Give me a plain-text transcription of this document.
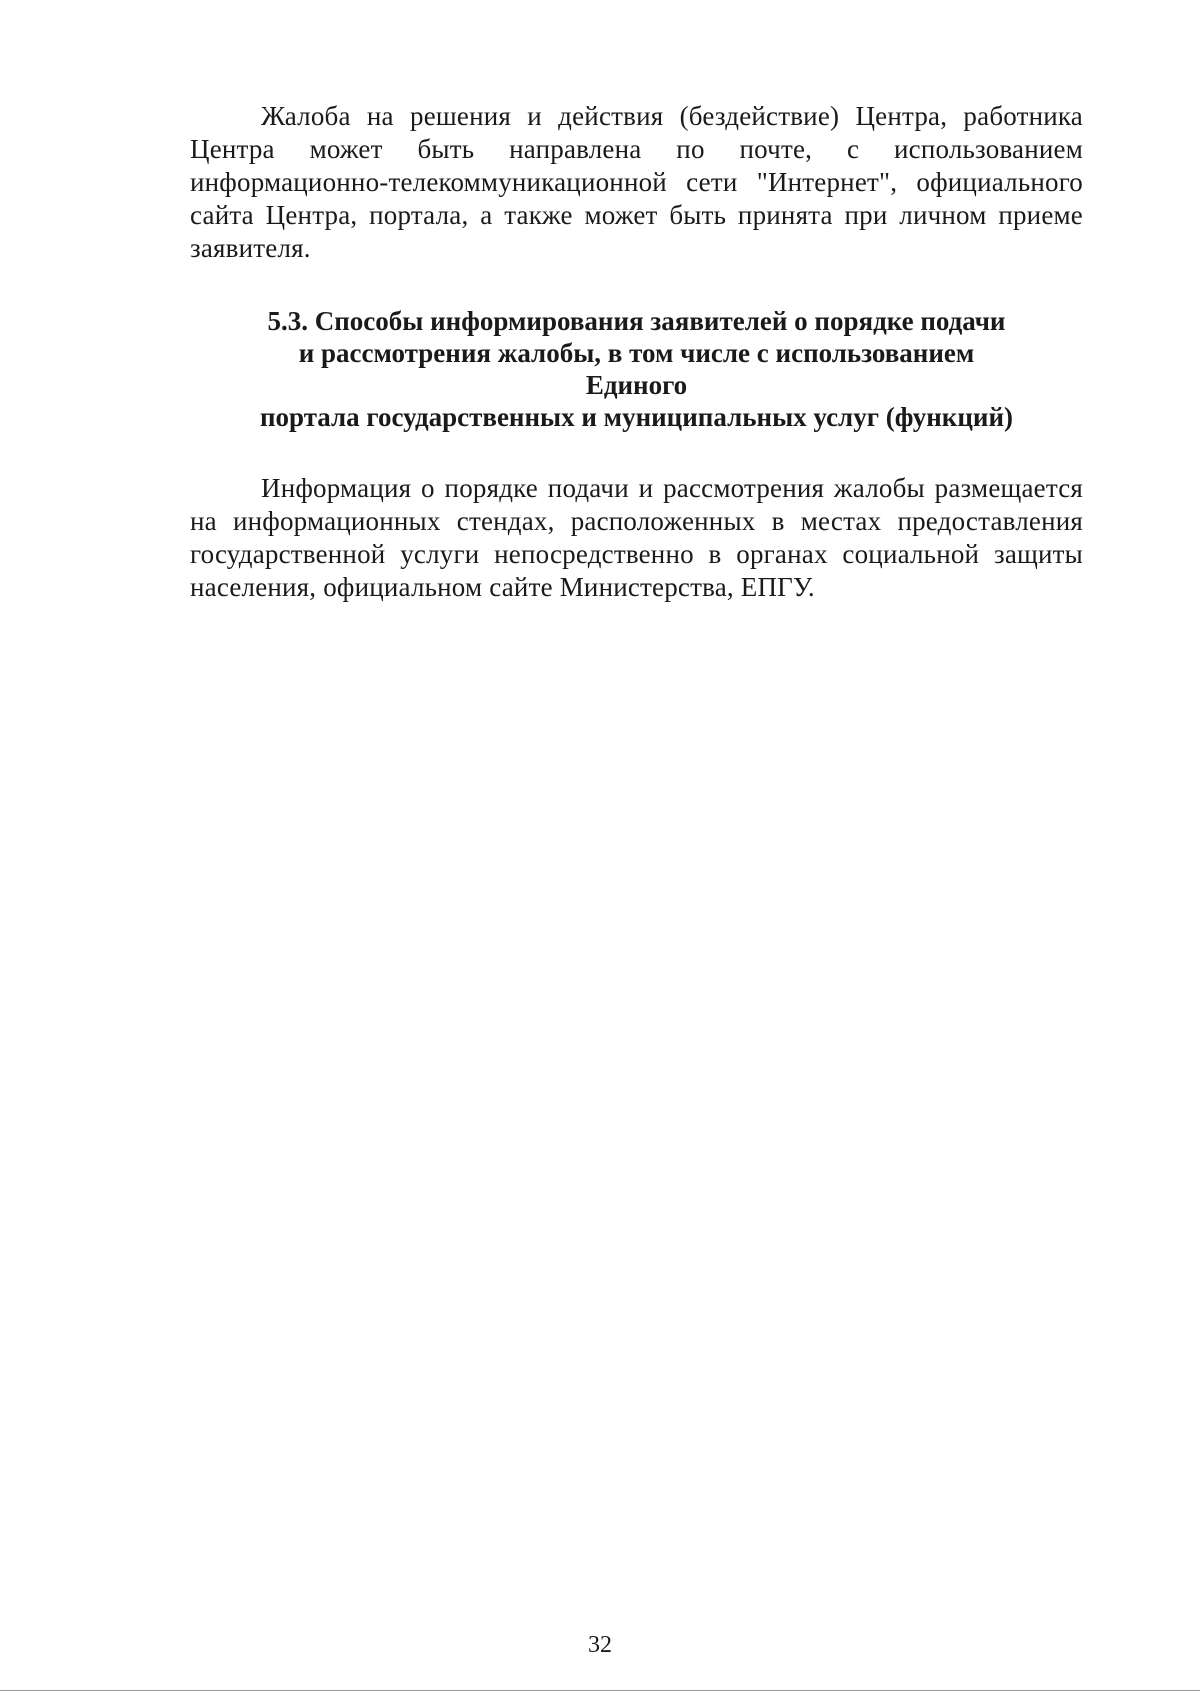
Жалоба на решения и действия (бездействие) Центра, работника Центра может быть направлена по почте, с использованием информационно-телекоммуникационной сети "Интернет", официального сайта Центра, портала, а также может быть принята при личном приеме заявителя.

5.3. Способы информирования заявителей о порядке подачи
и рассмотрения жалобы, в том числе с использованием
Единого
портала государственных и муниципальных услуг (функций)

Информация о порядке подачи и рассмотрения жалобы размещается на информационных стендах, расположенных в местах предоставления государственной услуги непосредственно в органах социальной защиты населения, официальном сайте Министерства, ЕПГУ.

32
